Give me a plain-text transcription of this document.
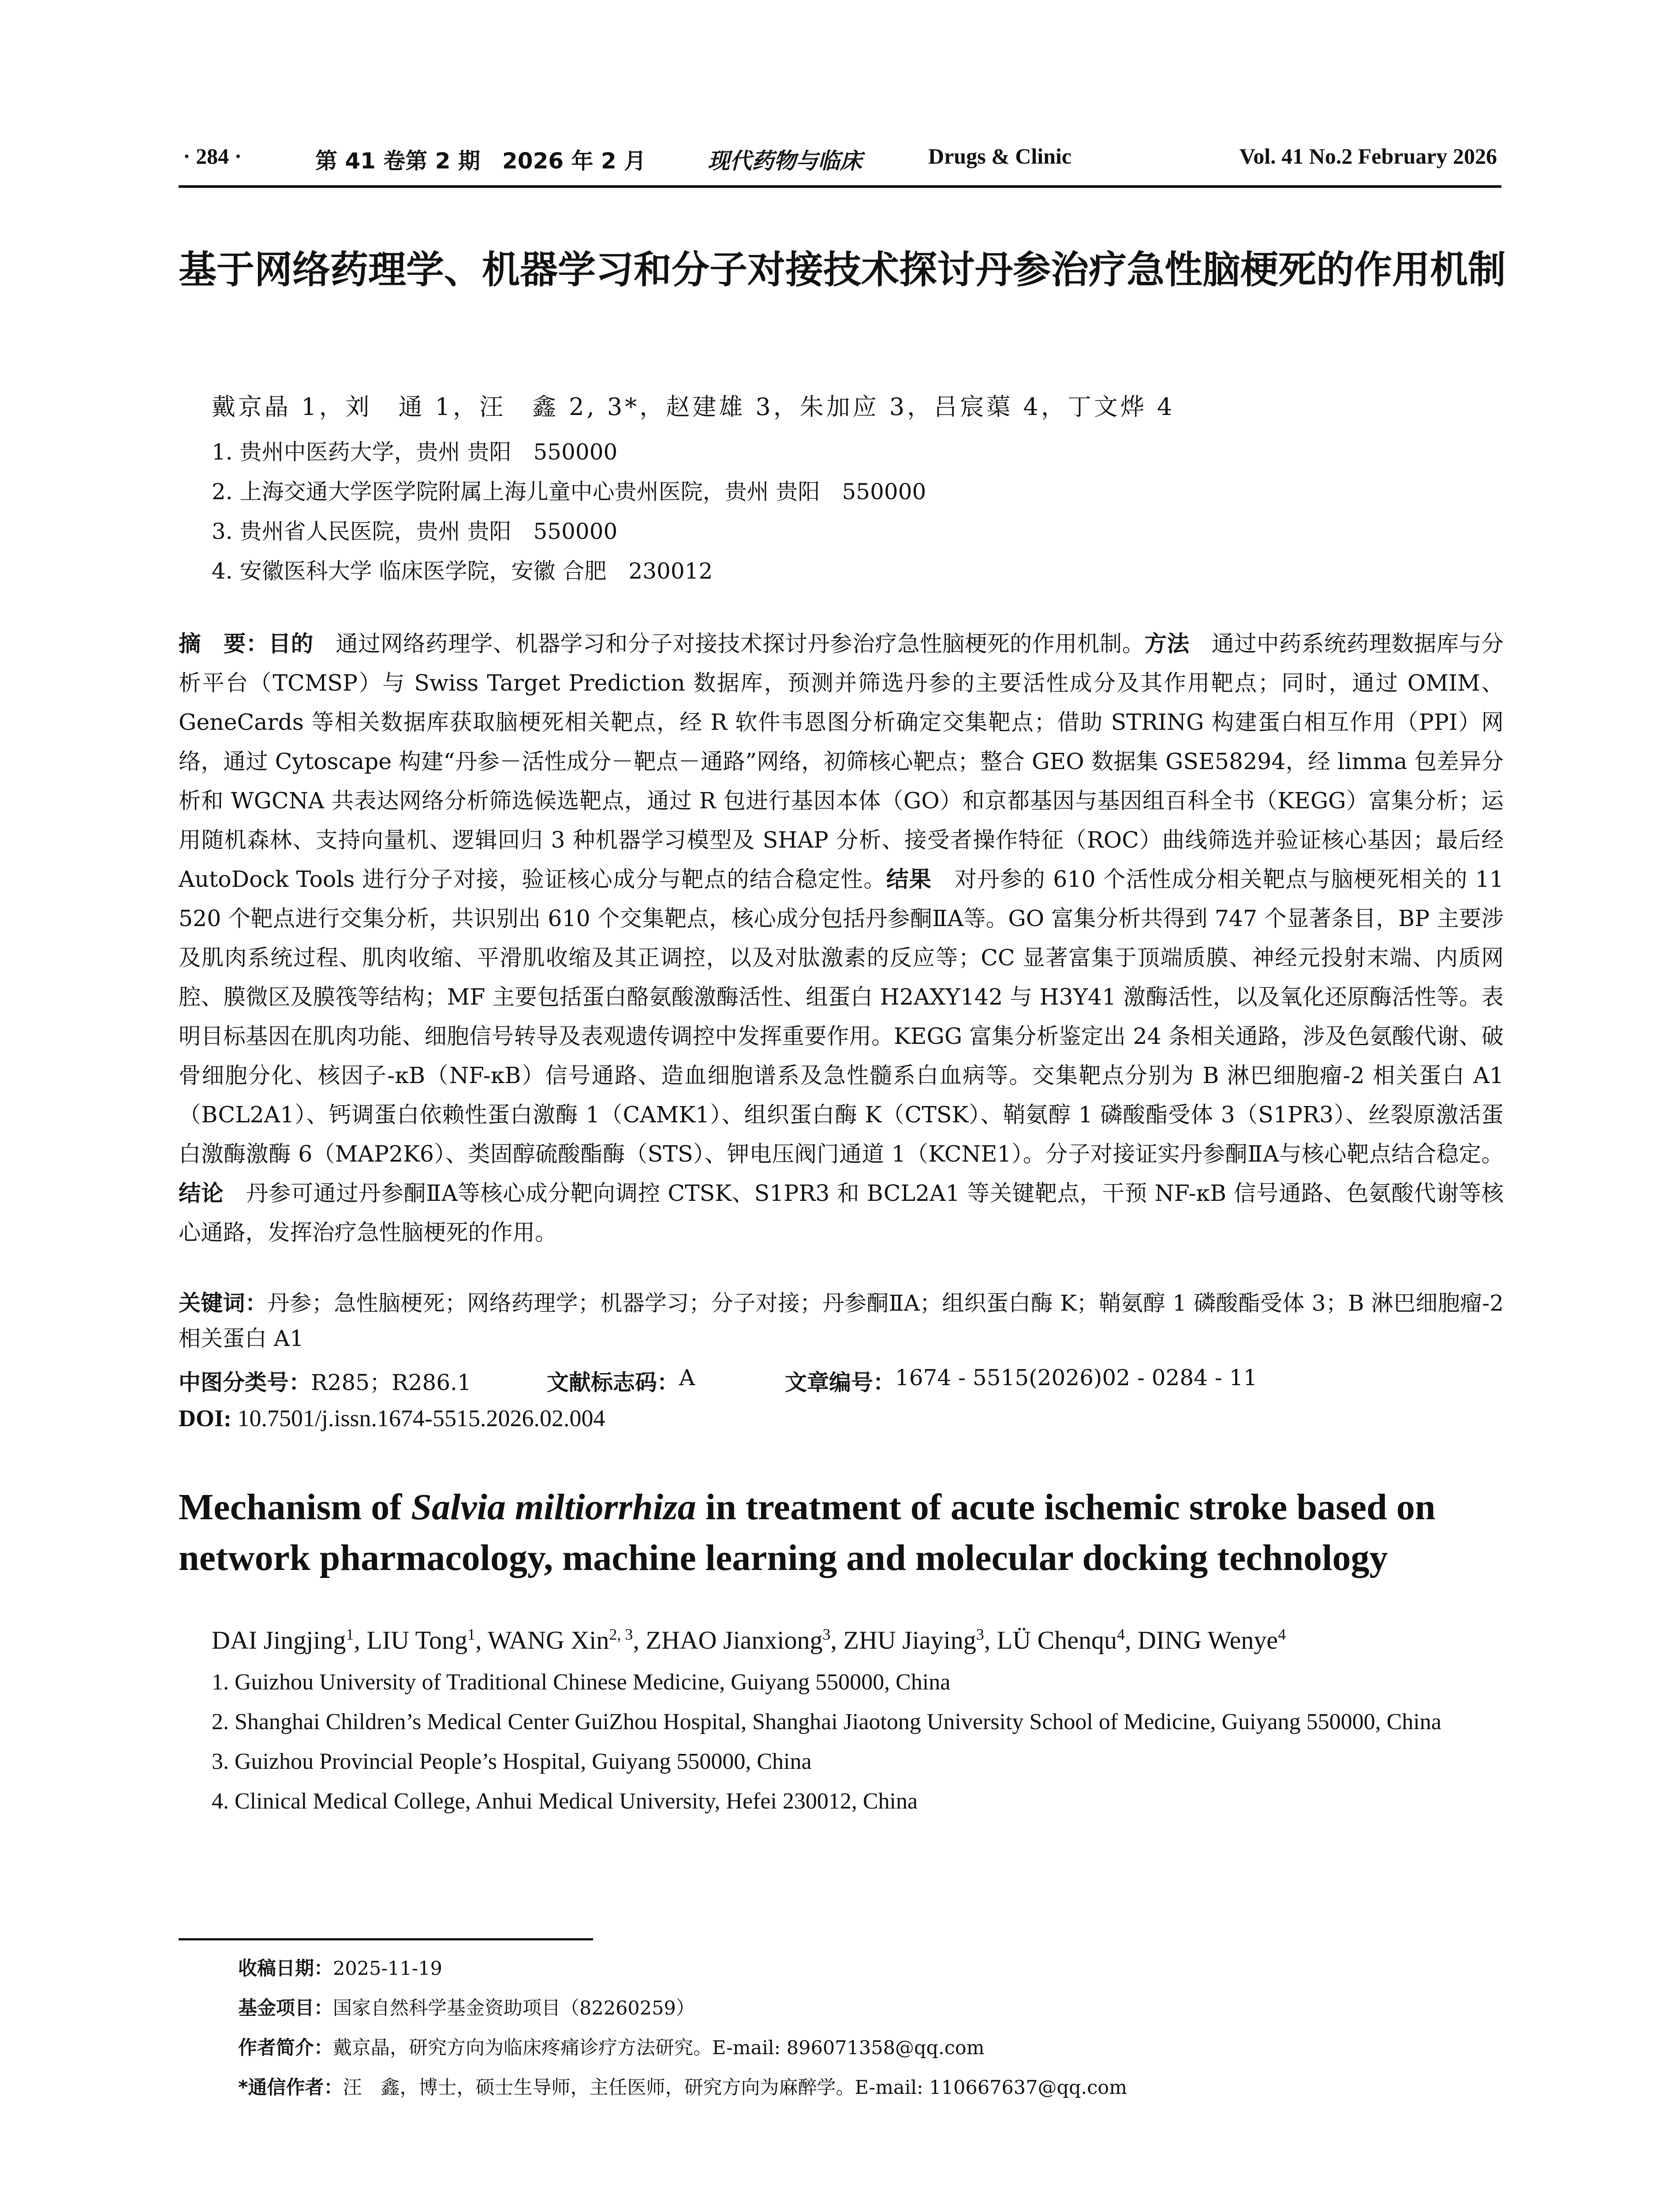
· 284 ·	第 41 卷第 2 期　2026 年 2 月	现代药物与临床	Drugs & Clinic	Vol. 41 No.2 February 2026
基于网络药理学、机器学习和分子对接技术探讨丹参治疗急性脑梗死的作用机制
戴京晶 1，刘　通 1，汪　鑫 2, 3*，赵建雄 3，朱加应 3，吕宸蕖 4，丁文烨 4
1. 贵州中医药大学，贵州 贵阳　550000
2. 上海交通大学医学院附属上海儿童中心贵州医院，贵州 贵阳　550000
3. 贵州省人民医院，贵州 贵阳　550000
4. 安徽医科大学 临床医学院，安徽 合肥　230012

摘　要：目的 通过网络药理学、机器学习和分子对接技术探讨丹参治疗急性脑梗死的作用机制。方法 通过中药系统药理数据库与分析平台（TCMSP）与 Swiss Target Prediction 数据库，预测并筛选丹参的主要活性成分及其作用靶点；同时，通过 OMIM、GeneCards 等相关数据库获取脑梗死相关靶点，经 R 软件韦恩图分析确定交集靶点；借助 STRING 构建蛋白相互作用（PPI）网络，通过 Cytoscape 构建“丹参－活性成分－靶点－通路”网络，初筛核心靶点；整合 GEO 数据集 GSE58294，经 limma 包差异分析和 WGCNA 共表达网络分析筛选候选靶点，通过 R 包进行基因本体（GO）和京都基因与基因组百科全书（KEGG）富集分析；运用随机森林、支持向量机、逻辑回归 3 种机器学习模型及 SHAP 分析、接受者操作特征（ROC）曲线筛选并验证核心基因；最后经 AutoDock Tools 进行分子对接，验证核心成分与靶点的结合稳定性。结果 对丹参的 610 个活性成分相关靶点与脑梗死相关的 11 520 个靶点进行交集分析，共识别出 610 个交集靶点，核心成分包括丹参酮ⅡA等。GO 富集分析共得到 747 个显著条目，BP 主要涉及肌肉系统过程、肌肉收缩、平滑肌收缩及其正调控，以及对肽激素的反应等；CC 显著富集于顶端质膜、神经元投射末端、内质网腔、膜微区及膜筏等结构；MF 主要包括蛋白酪氨酸激酶活性、组蛋白 H2AXY142 与 H3Y41 激酶活性，以及氧化还原酶活性等。表明目标基因在肌肉功能、细胞信号转导及表观遗传调控中发挥重要作用。KEGG 富集分析鉴定出 24 条相关通路，涉及色氨酸代谢、破骨细胞分化、核因子-κB（NF-κB）信号通路、造血细胞谱系及急性髓系白血病等。交集靶点分别为 B 淋巴细胞瘤-2 相关蛋白 A1（BCL2A1）、钙调蛋白依赖性蛋白激酶 1（CAMK1）、组织蛋白酶 K（CTSK）、鞘氨醇 1 磷酸酯受体 3（S1PR3）、丝裂原激活蛋白激酶激酶 6（MAP2K6）、类固醇硫酸酯酶（STS）、钾电压阀门通道 1（KCNE1）。分子对接证实丹参酮ⅡA与核心靶点结合稳定。结论 丹参可通过丹参酮ⅡA等核心成分靶向调控 CTSK、S1PR3 和 BCL2A1 等关键靶点，干预 NF-κB 信号通路、色氨酸代谢等核心通路，发挥治疗急性脑梗死的作用。

关键词：丹参；急性脑梗死；网络药理学；机器学习；分子对接；丹参酮ⅡA；组织蛋白酶 K；鞘氨醇 1 磷酸酯受体 3；B 淋巴细胞瘤-2 相关蛋白 A1

中图分类号： R285；R286.1	文献标志码： A	文章编号： 1674 - 5515(2026)02 - 0284 - 11
DOI: 10.7501/j.issn.1674-5515.2026.02.004
Mechanism of Salvia miltiorrhiza in treatment of acute ischemic stroke based on network pharmacology, machine learning and molecular docking technology
DAI Jingjing$^1$, LIU Tong$^1$, WANG Xin$^{2, 3}$, ZHAO Jianxiong$^3$, ZHU Jiaying$^3$, LÜ Chenqu$^4$, DING Wenye$^4$
1. Guizhou University of Traditional Chinese Medicine, Guiyang 550000, China
2. Shanghai Children’s Medical Center GuiZhou Hospital, Shanghai Jiaotong University School of Medicine, Guiyang 550000, China
3. Guizhou Provincial People’s Hospital, Guiyang 550000, China
4. Clinical Medical College, Anhui Medical University, Hefei 230012, China
收稿日期：2025-11-19
基金项目：国家自然科学基金资助项目（82260259）
作者简介：戴京晶，研究方向为临床疼痛诊疗方法研究。E-mail: 896071358@qq.com
*通信作者：汪　鑫，博士，硕士生导师，主任医师，研究方向为麻醉学。E-mail: 110667637@qq.com
